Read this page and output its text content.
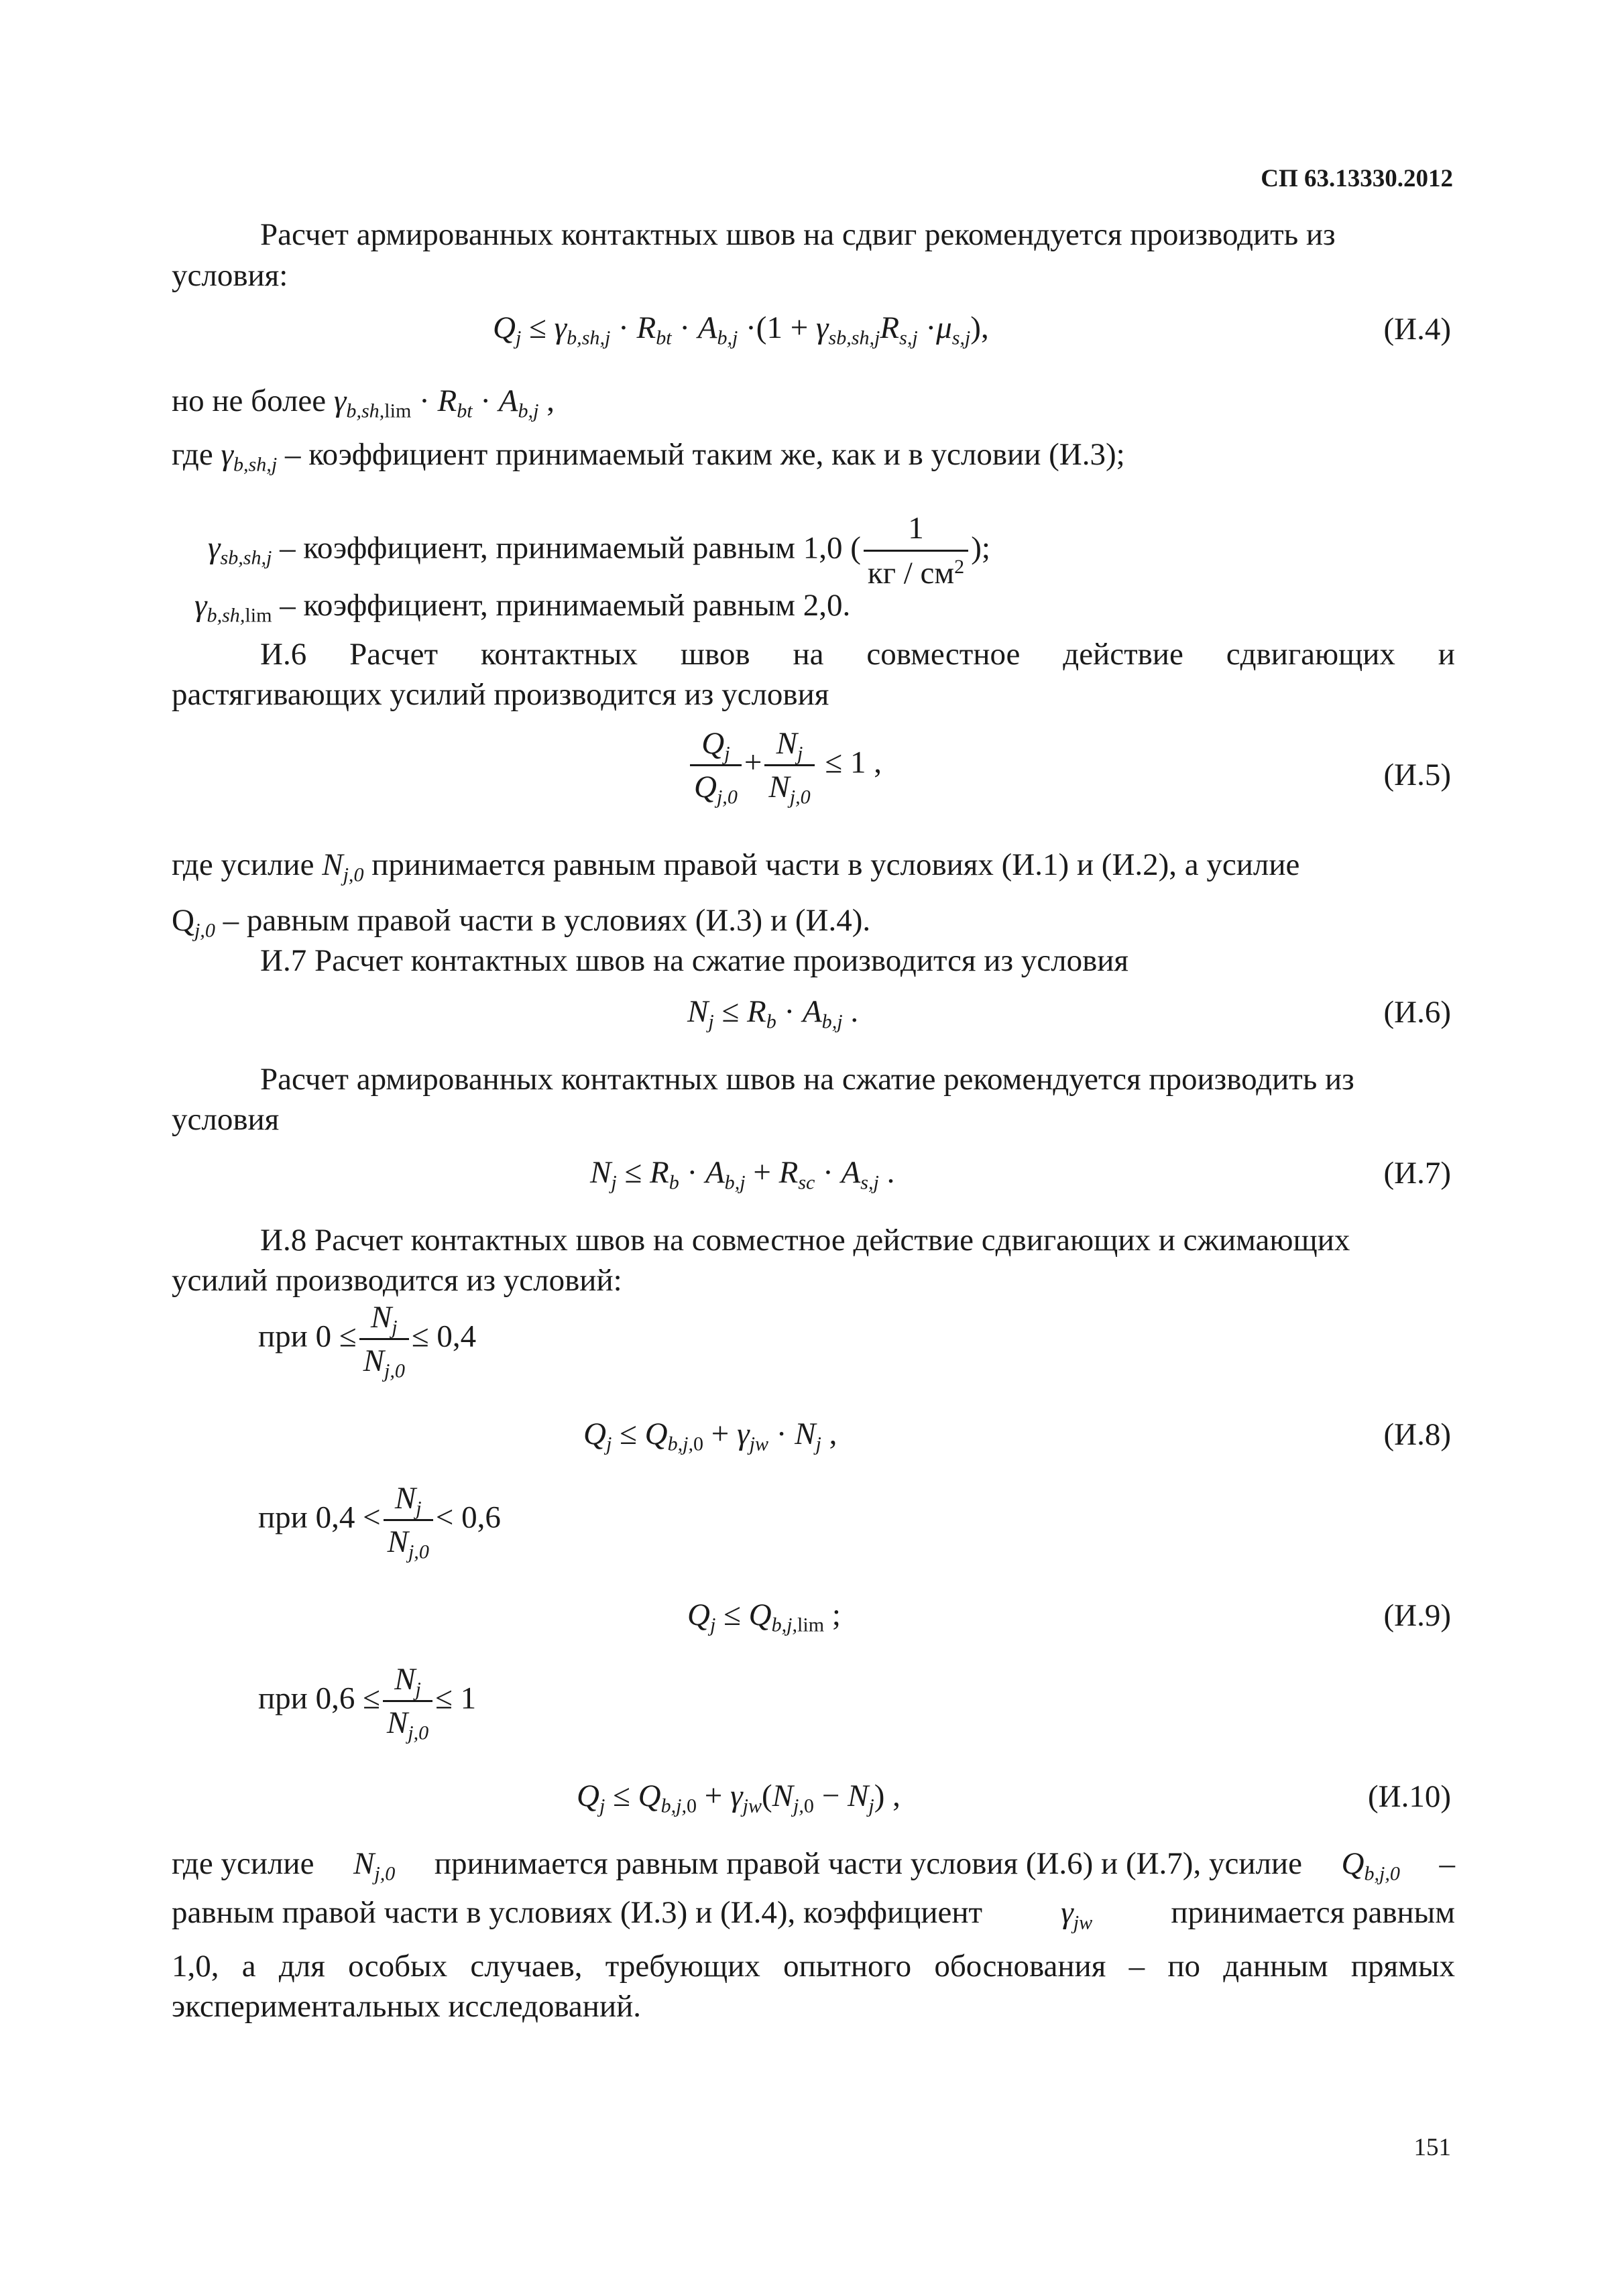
СП 63.13330.2012
Расчет армированных контактных швов на сдвиг рекомендуется производить из
условия:
$Q_j \le \gamma_{b,sh,j} \cdot R_{bt} \cdot A_{b,j} \cdot(1 + \gamma_{sb,sh,j}R_{s,j} \cdot\mu_{s,j})$,	(И.4)
но не более $\gamma_{b,sh,lim} \cdot R_{bt} \cdot A_{b,j}$ ,
где $\gamma_{b,sh,j}$ – коэффициент принимаемый таким же, как и в условии (И.3);
$\gamma_{sb,sh,j}$ – коэффициент, принимаемый равным 1,0 ( $\frac{1}{кг / см^2}$ );
$\gamma_{b,sh,lim}$ – коэффициент, принимаемый равным 2,0.
И.6 Расчет контактных швов на совместное действие сдвигающих и
растягивающих усилий производится из условия
$\frac{Q_j}{Q_{j,0}} + \frac{N_j}{N_{j,0}} \le 1$ ,	(И.5)
где усилие $N_{j,0}$ принимается равным правой части в условиях (И.1) и (И.2), а усилие
$Q_{j,0}$ – равным правой части в условиях (И.3) и (И.4).
И.7 Расчет контактных швов на сжатие производится из условия
$N_j \le R_b \cdot A_{b,j}$ .	(И.6)
Расчет армированных контактных швов на сжатие рекомендуется производить из
условия
$N_j \le R_b \cdot A_{b,j} + R_{sc} \cdot A_{s,j}$ .	(И.7)
И.8 Расчет контактных швов на совместное действие сдвигающих и сжимающих
усилий производится из условий:
при $0 \le \frac{N_j}{N_{j,0}} \le 0,4$
$Q_j \le Q_{b,j,0} + \gamma_{jw} \cdot N_j$ ,	(И.8)
при $0,4 < \frac{N_j}{N_{j,0}} < 0,6$
$Q_j \le Q_{b,j,lim}$ ;	(И.9)
при $0,6 \le \frac{N_j}{N_{j,0}} \le 1$
$Q_j \le Q_{b,j,0} + \gamma_{jw}(N_{j,0} - N_j)$ ,	(И.10)
где усилие $N_{j,0}$ принимается равным правой части условия (И.6) и (И.7), усилие $Q_{b,j,0}$ –
равным правой части в условиях (И.3) и (И.4), коэффициент $\gamma_{jw}$ принимается равным
1,0, а для особых случаев, требующих опытного обоснования – по данным прямых
экспериментальных исследований.
151
